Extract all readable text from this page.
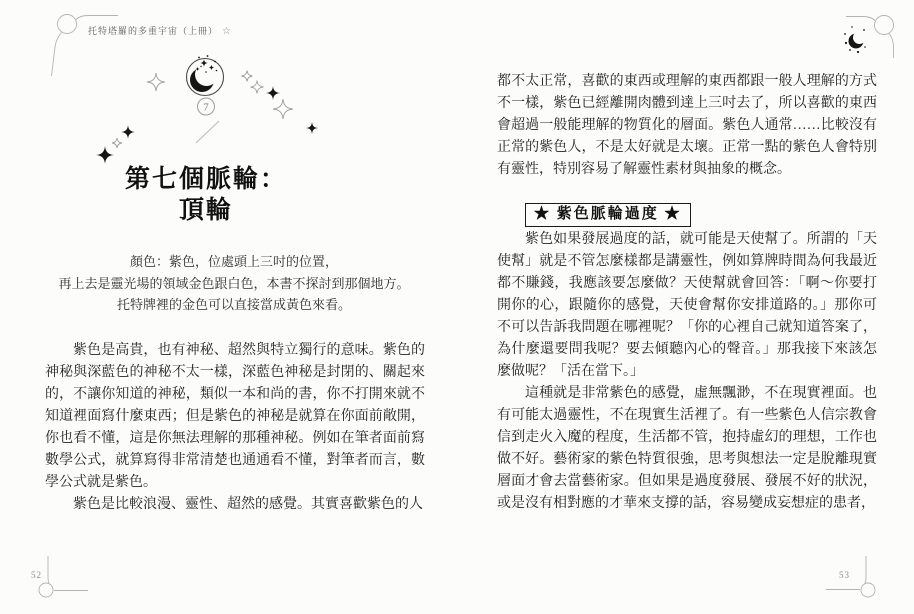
托特塔羅的多重宇宙（上冊） ☆
7
第七個脈輪：
頂輪
顏色：紫色，位處頭上三吋的位置，
再上去是靈光場的領域金色跟白色，本書不探討到那個地方。
托特牌裡的金色可以直接當成黃色來看。

紫色是高貴，也有神秘、超然與特立獨行的意味。紫色的神秘與深藍色的神秘不太一樣，深藍色神秘是封閉的、關起來的，不讓你知道的神秘，類似一本和尚的書，你不打開來就不知道裡面寫什麼東西；但是紫色的神秘是就算在你面前敞開，你也看不懂，這是你無法理解的那種神秘。例如在筆者面前寫數學公式，就算寫得非常清楚也通通看不懂，對筆者而言，數學公式就是紫色。

紫色是比較浪漫、靈性、超然的感覺。其實喜歡紫色的人

都不太正常，喜歡的東西或理解的東西都跟一般人理解的方式不一樣，紫色已經離開肉體到達上三吋去了，所以喜歡的東西會超過一般能理解的物質化的層面。紫色人通常……比較沒有正常的紫色人，不是太好就是太壞。正常一點的紫色人會特別有靈性，特別容易了解靈性素材與抽象的概念。

★ 紫色脈輪過度 ★

紫色如果發展過度的話，就可能是天使幫了。所謂的「天使幫」就是不管怎麼樣都是講靈性，例如算牌時間為何我最近都不賺錢，我應該要怎麼做？天使幫就會回答：「啊～你要打開你的心，跟隨你的感覺，天使會幫你安排道路的。」那你可不可以告訴我問題在哪裡呢？「你的心裡自己就知道答案了，為什麼還要問我呢？要去傾聽內心的聲音。」那我接下來該怎麼做呢？「活在當下。」

這種就是非常紫色的感覺，虛無飄渺，不在現實裡面。也有可能太過靈性，不在現實生活裡了。有一些紫色人信宗教會信到走火入魔的程度，生活都不管，抱持虛幻的理想，工作也做不好。藝術家的紫色特質很強，思考與想法一定是脫離現實層面才會去當藝術家。但如果是過度發展、發展不好的狀況，或是沒有相對應的才華來支撐的話，容易變成妄想症的患者，

52	53
